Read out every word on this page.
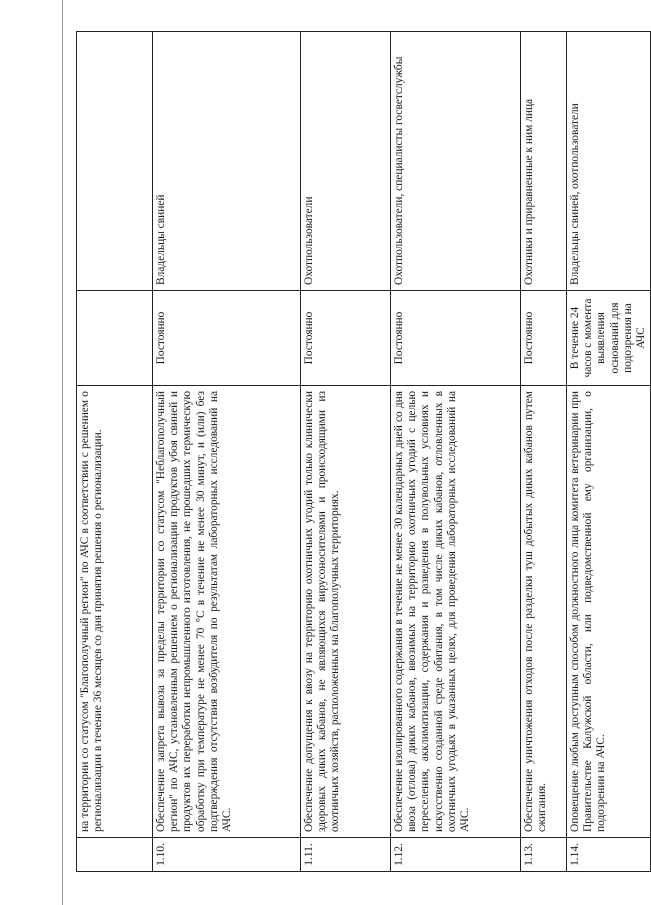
	на территории со статусом "Благополучный регион" по АЧС в соответствии с решением о регионализации в течение 36 месяцев со дня принятия решения о регионализации.		
1.10.	Обеспечение запрета вывоза за пределы территории со статусом "Неблагополучный регион" по АЧС, установленным решением о регионализации продуктов убоя свиней и продуктов их переработки непромышленного изготовления, не прошедших термическую обработку при температуре не менее 70 °С в течение не менее 30 минут, и (или) без подтверждения отсутствия возбудителя по результатам лабораторных исследований на АЧС.	Постоянно	Владельцы свиней
1.11.	Обеспечение допущения к ввозу на территорию охотничьих угодий только клинически здоровых диких кабанов, не являющихся вирусоносителями и происходящими из охотничьих хозяйств, расположенных на благополучных территориях.	Постоянно	Охотпользователи
1.12.	Обеспечение изолированного содержания в течение не менее 30 календарных дней со дня ввоза (отлова) диких кабанов, ввозимых на территорию охотничьих угодий с целью переселения, акклиматизации, содержания и разведения в полувольных условиях и искусственно созданной среде обитания, в том числе диких кабанов, отловленных в охотничьих угодьях в указанных целях, для проведения лабораторных исследований на АЧС.	Постоянно	Охотпользователи, специалисты госветслужбы
1.13.	Обеспечение уничтожения отходов после разделки туш добытых диких кабанов путем сжигания.	Постоянно	Охотники и приравненные к ним лица
1.14.	Оповещение любым доступным способом должностного лица комитета ветеринарии при Правительстве Калужской области, или подведомственной ему организации, о подозрении на АЧС.	В течение 24 часов с момента выявления оснований для подозрения на АЧС	Владельцы свиней, охотпользователи
